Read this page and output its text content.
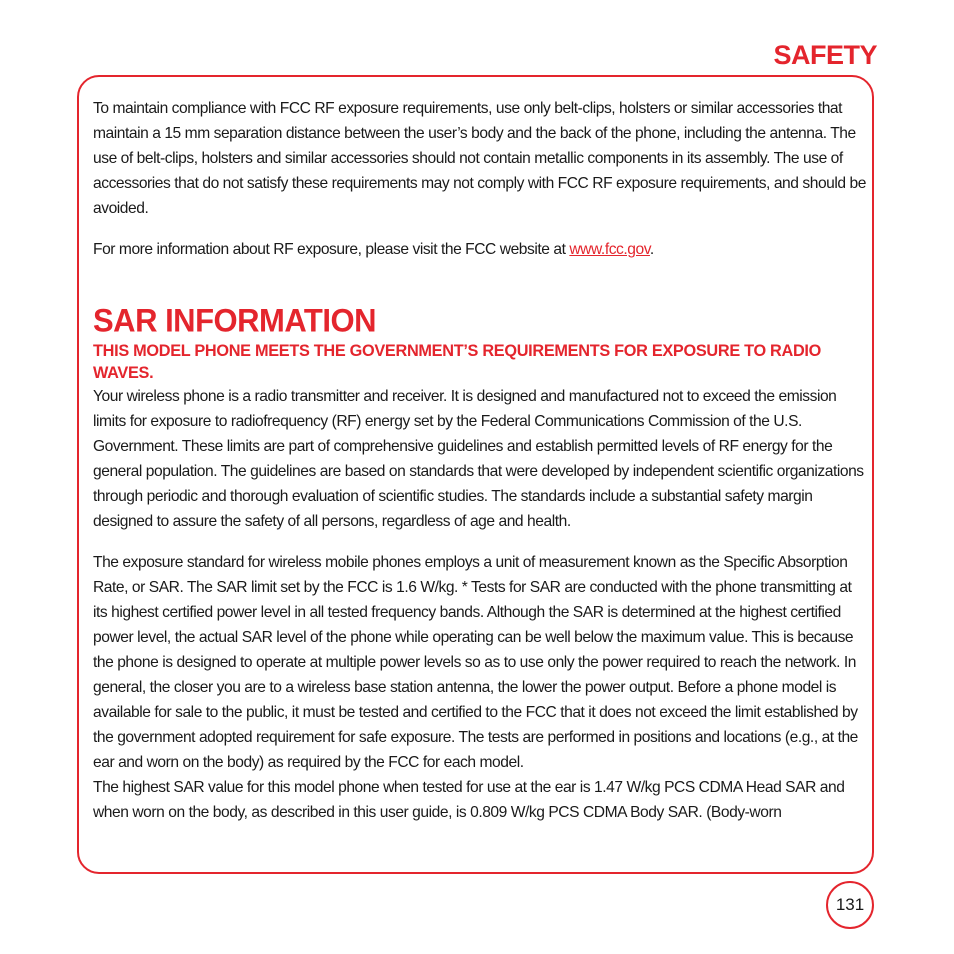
SAFETY

To maintain compliance with FCC RF exposure requirements, use only belt-clips, holsters or similar accessories that maintain a 15 mm separation distance between the user’s body and the back of the phone, including the antenna. The use of belt-clips, holsters and similar accessories should not contain metallic components in its assembly. The use of accessories that do not satisfy these requirements may not comply with FCC RF exposure requirements, and should be avoided.

For more information about RF exposure, please visit the FCC website at www.fcc.gov.

SAR INFORMATION
THIS MODEL PHONE MEETS THE GOVERNMENT’S REQUIREMENTS FOR EXPOSURE TO RADIO WAVES.

Your wireless phone is a radio transmitter and receiver. It is designed and manufactured not to exceed the emission limits for exposure to radiofrequency (RF) energy set by the Federal Communications Commission of the U.S. Government. These limits are part of comprehensive guidelines and establish permitted levels of RF energy for the general population. The guidelines are based on standards that were developed by independent scientific organizations through periodic and thorough evaluation of scientific studies. The standards include a substantial safety margin designed to assure the safety of all persons, regardless of age and health.

The exposure standard for wireless mobile phones employs a unit of measurement known as the Specific Absorption Rate, or SAR. The SAR limit set by the FCC is 1.6 W/kg. * Tests for SAR are conducted with the phone transmitting at its highest certified power level in all tested frequency bands. Although the SAR is determined at the highest certified power level, the actual SAR level of the phone while operating can be well below the maximum value. This is because the phone is designed to operate at multiple power levels so as to use only the power required to reach the network. In general, the closer you are to a wireless base station antenna, the lower the power output. Before a phone model is available for sale to the public, it must be tested and certified to the FCC that it does not exceed the limit established by the government adopted requirement for safe exposure. The tests are performed in positions and locations (e.g., at the ear and worn on the body) as required by the FCC for each model.

The highest SAR value for this model phone when tested for use at the ear is 1.47 W/kg PCS CDMA Head SAR and when worn on the body, as described in this user guide, is 0.809 W/kg PCS CDMA Body SAR. (Body-worn

131
